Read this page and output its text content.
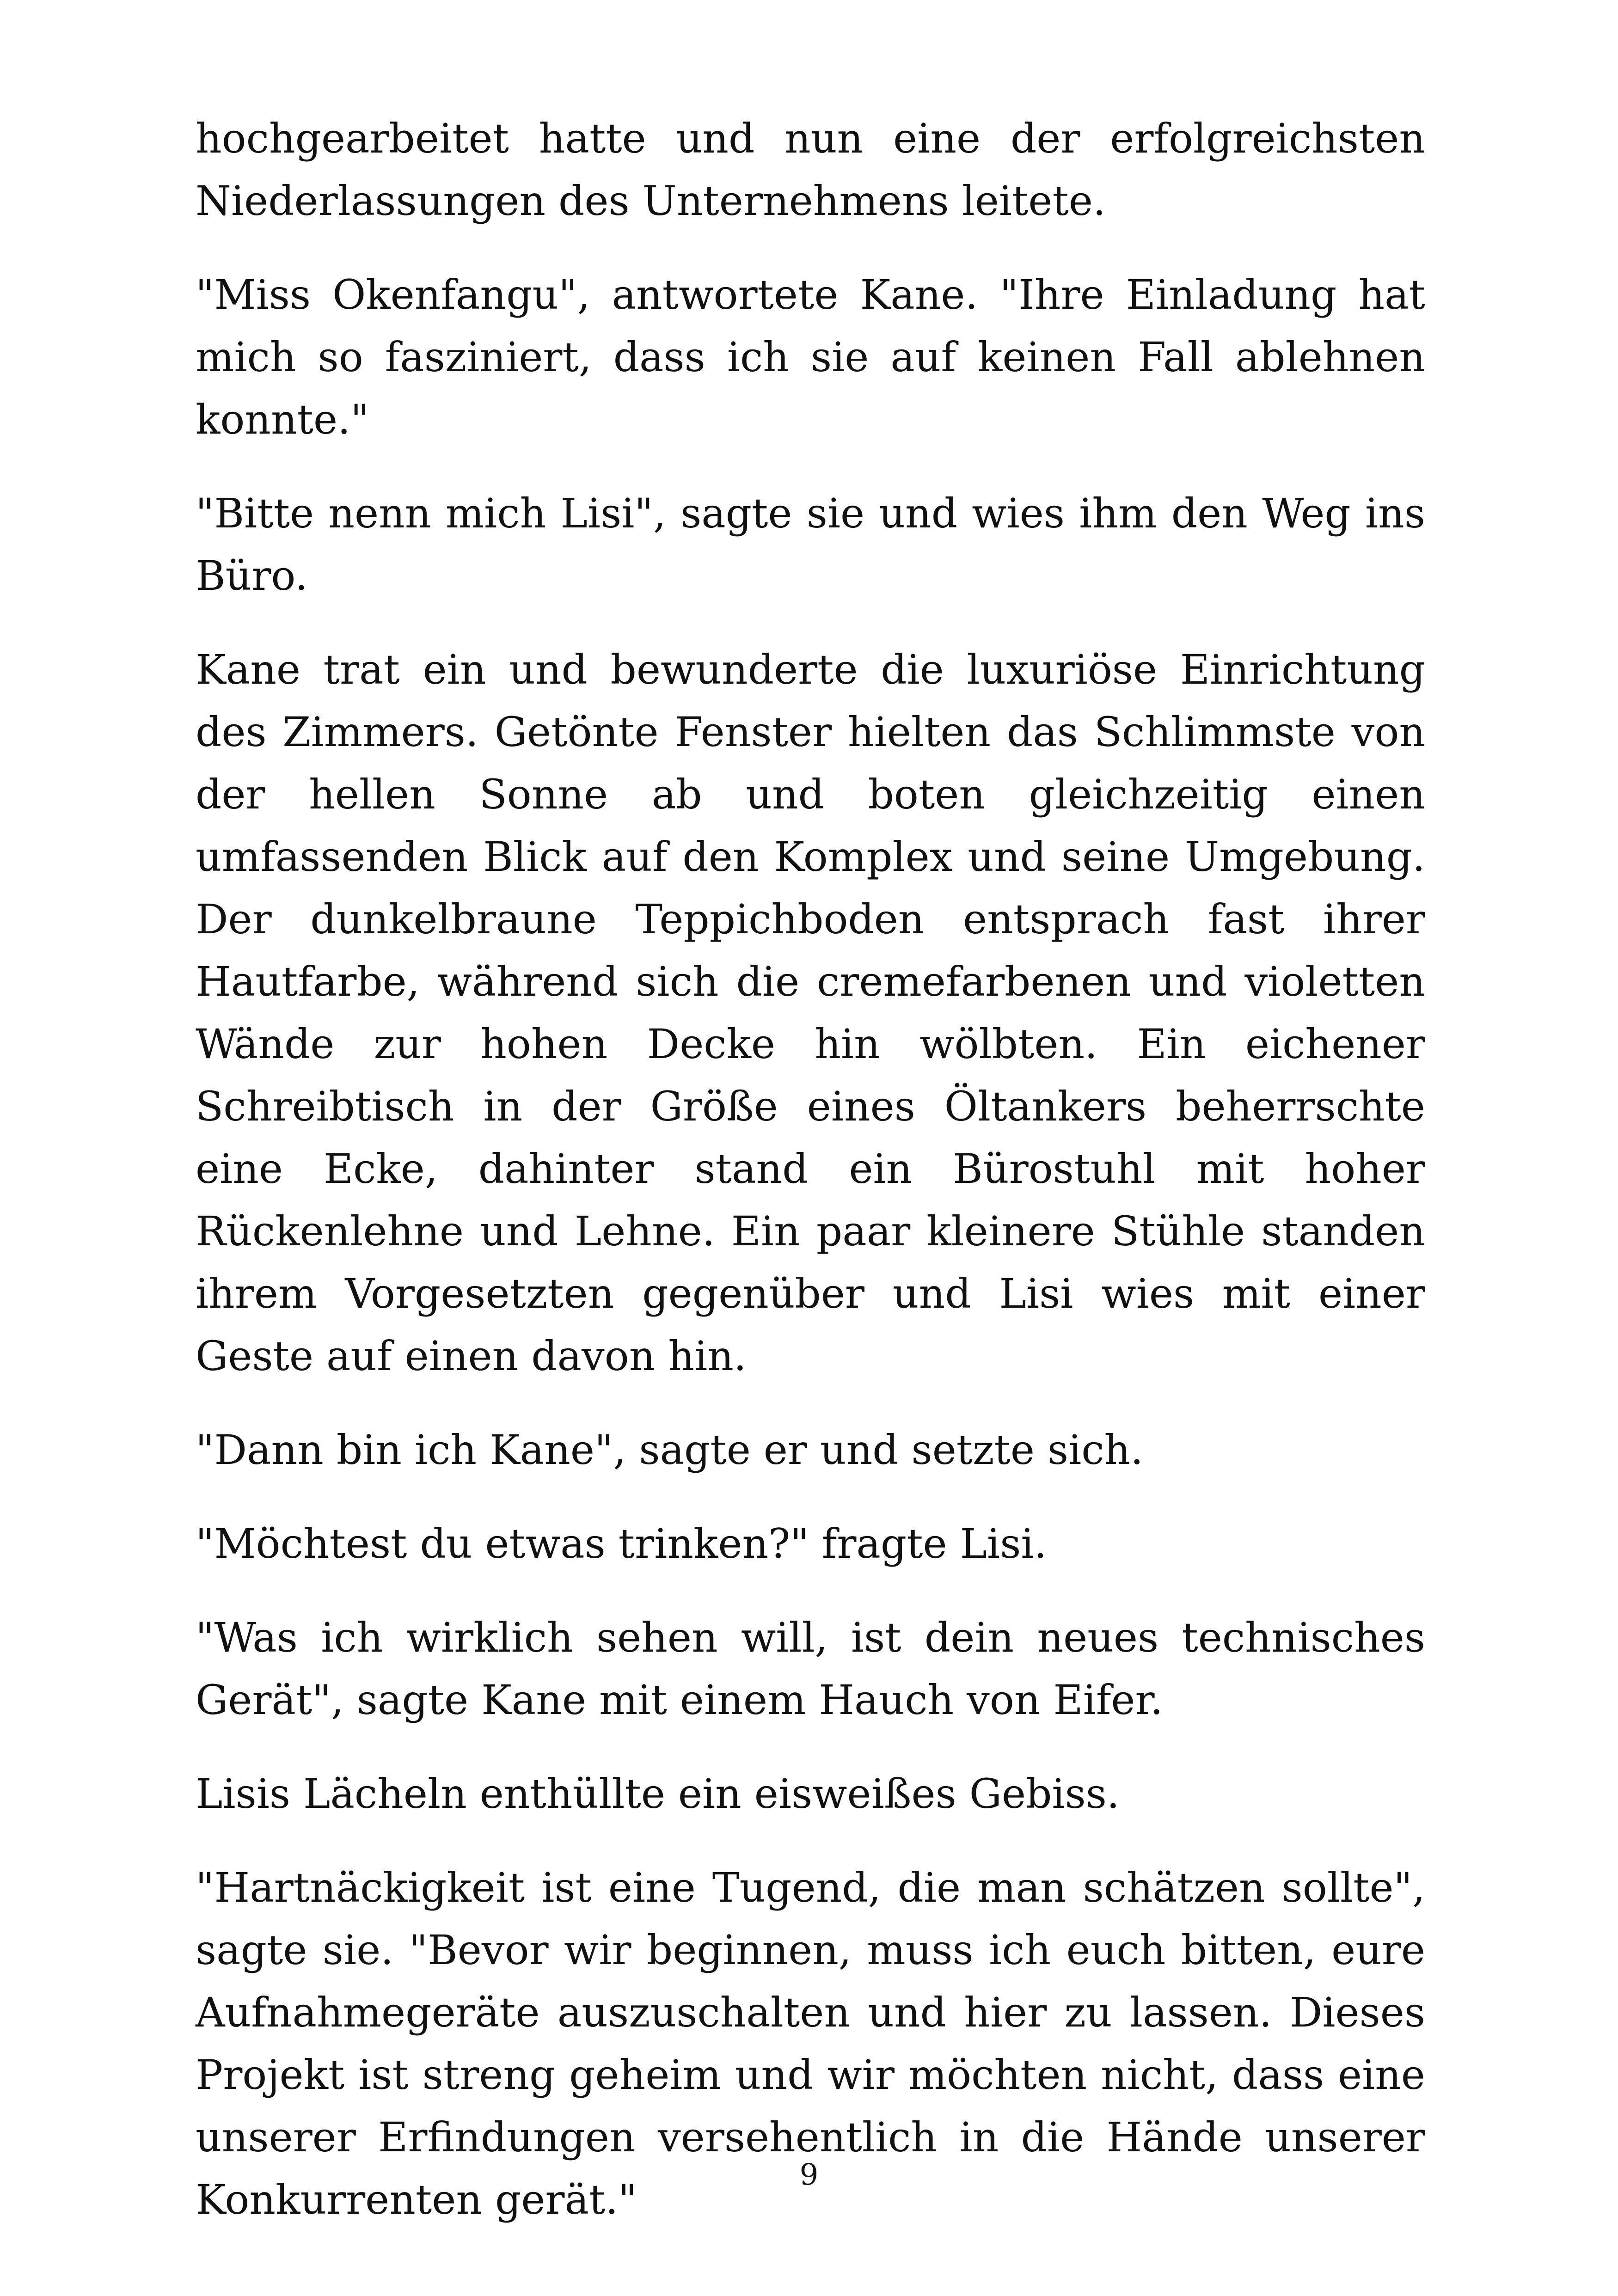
hochgearbeitet hatte und nun eine der erfolgreichsten Niederlassungen des Unternehmens leitete.

"Miss Okenfangu", antwortete Kane. "Ihre Einladung hat mich so fasziniert, dass ich sie auf keinen Fall ablehnen konnte."

"Bitte nenn mich Lisi", sagte sie und wies ihm den Weg ins Büro.

Kane trat ein und bewunderte die luxuriöse Einrichtung des Zimmers. Getönte Fenster hielten das Schlimmste von der hellen Sonne ab und boten gleichzeitig einen umfassenden Blick auf den Komplex und seine Umgebung. Der dunkelbraune Teppichboden entsprach fast ihrer Hautfarbe, während sich die cremefarbenen und violetten Wände zur hohen Decke hin wölbten. Ein eichener Schreibtisch in der Größe eines Öltankers beherrschte eine Ecke, dahinter stand ein Bürostuhl mit hoher Rückenlehne und Lehne. Ein paar kleinere Stühle standen ihrem Vorgesetzten gegenüber und Lisi wies mit einer Geste auf einen davon hin.

"Dann bin ich Kane", sagte er und setzte sich.

"Möchtest du etwas trinken?" fragte Lisi.

"Was ich wirklich sehen will, ist dein neues technisches Gerät", sagte Kane mit einem Hauch von Eifer.

Lisis Lächeln enthüllte ein eisweißes Gebiss.

"Hartnäckigkeit ist eine Tugend, die man schätzen sollte", sagte sie. "Bevor wir beginnen, muss ich euch bitten, eure Aufnahmegeräte auszuschalten und hier zu lassen. Dieses Projekt ist streng geheim und wir möchten nicht, dass eine unserer Erfindungen versehentlich in die Hände unserer Konkurrenten gerät."

9
